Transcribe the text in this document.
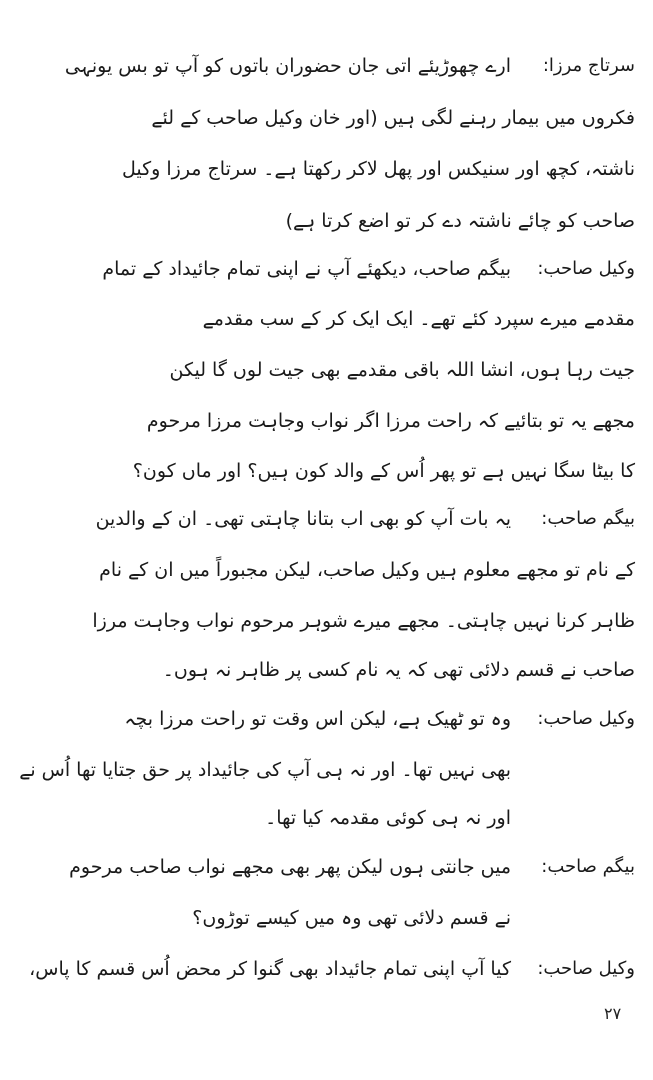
سرتاج مرزا:
ارے چھوڑیئے اتی جان حضوران باتوں کو آپ تو بس یونہی
فکروں میں بیمار رہنے لگی ہیں (اور خان وکیل صاحب کے لئے
ناشتہ، کچھ اور سنیکس اور پھل لاکر رکھتا ہے۔ سرتاج مرزا وکیل
صاحب کو چائے ناشتہ دے کر تو اضع کرتا ہے)
وکیل صاحب:
بیگم صاحب، دیکھئے آپ نے اپنی تمام جائیداد کے تمام
مقدمے میرے سپرد کئے تھے۔ ایک ایک کر کے سب مقدمے
جیت رہا ہوں، انشا اللہ باقی مقدمے بھی جیت لوں گا لیکن
مجھے یہ تو بتائیے کہ راحت مرزا اگر نواب وجاہت مرزا مرحوم
کا بیٹا سگا نہیں ہے تو پھر اُس کے والد کون ہیں؟ اور ماں کون؟
بیگم صاحب:
یہ بات آپ کو بھی اب بتانا چاہتی تھی۔ ان کے والدین
کے نام تو مجھے معلوم ہیں وکیل صاحب، لیکن مجبوراً میں ان کے نام
ظاہر کرنا نہیں چاہتی۔ مجھے میرے شوہر مرحوم نواب وجاہت مرزا
صاحب نے قسم دلائی تھی کہ یہ نام کسی پر ظاہر نہ ہوں۔
وکیل صاحب:
وہ تو ٹھیک ہے، لیکن اس وقت تو راحت مرزا بچہ
بھی نہیں تھا۔ اور نہ ہی آپ کی جائیداد پر حق جتایا تھا اُس نے
اور نہ ہی کوئی مقدمہ کیا تھا۔
بیگم صاحب:
میں جانتی ہوں لیکن پھر بھی مجھے نواب صاحب مرحوم
نے قسم دلائی تھی وہ میں کیسے توڑوں؟
وکیل صاحب:
کیا آپ اپنی تمام جائیداد بھی گنوا کر محض اُس قسم کا پاس،
۲۷
